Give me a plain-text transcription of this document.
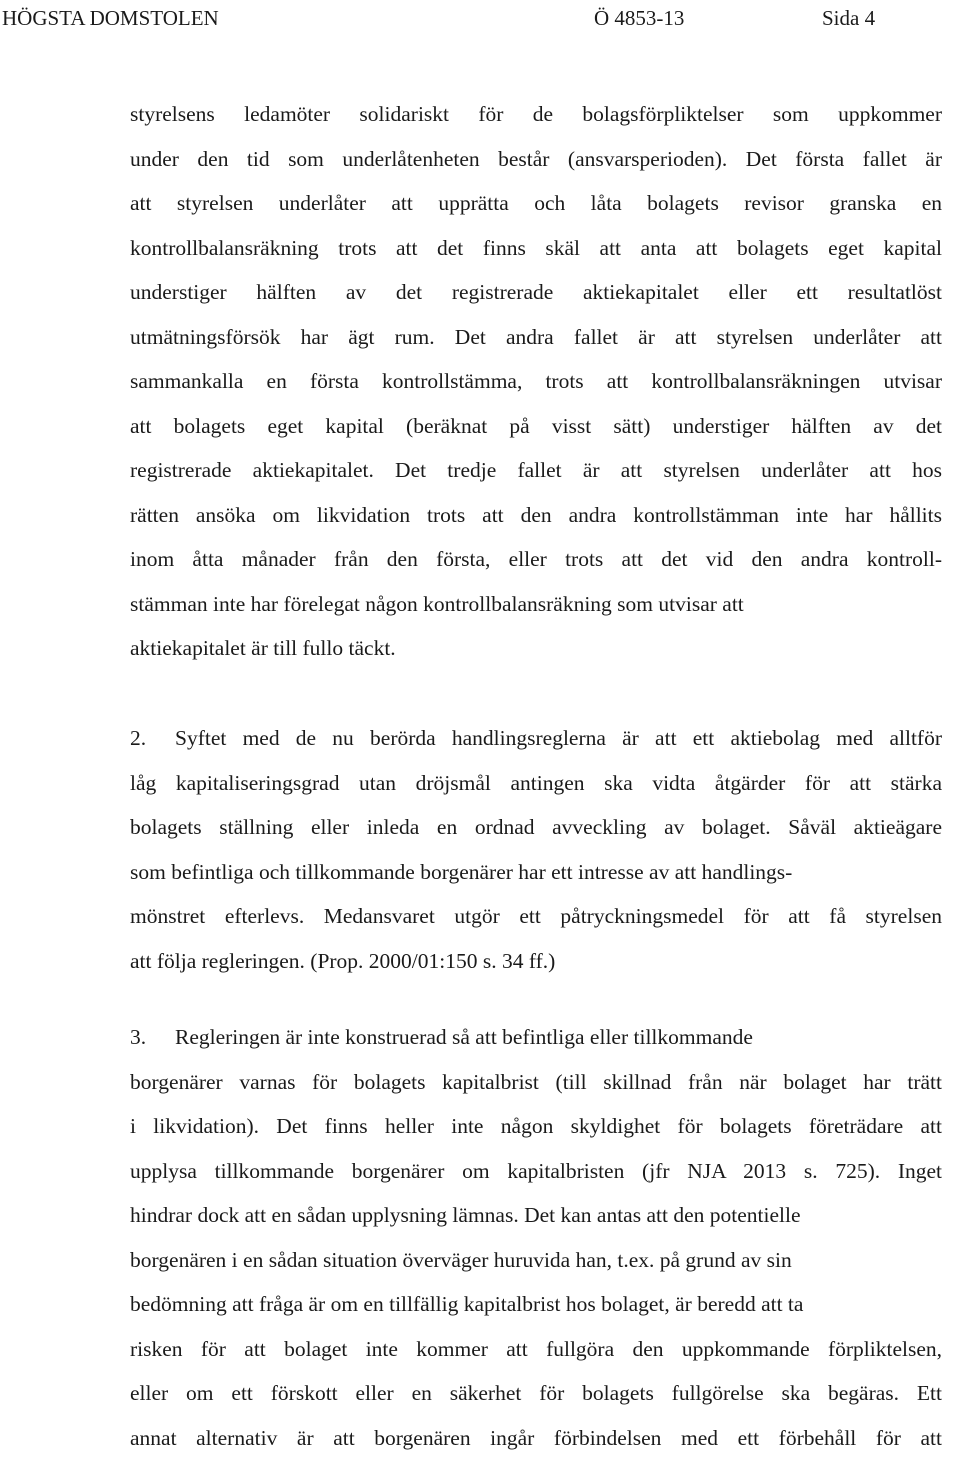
HÖGSTA DOMSTOLEN	Ö 4853-13	Sida 4
styrelsens ledamöter solidariskt för de bolagsförpliktelser som uppkommer
under den tid som underlåtenheten består (ansvarsperioden). Det första fallet är
att styrelsen underlåter att upprätta och låta bolagets revisor granska en
kontrollbalansräkning trots att det finns skäl att anta att bolagets eget kapital
understiger hälften av det registrerade aktiekapitalet eller ett resultatlöst
utmätningsförsök har ägt rum. Det andra fallet är att styrelsen underlåter att
sammankalla en första kontrollstämma, trots att kontrollbalansräkningen utvisar
att bolagets eget kapital (beräknat på visst sätt) understiger hälften av det
registrerade aktiekapitalet. Det tredje fallet är att styrelsen underlåter att hos
rätten ansöka om likvidation trots att den andra kontrollstämman inte har hållits
inom åtta månader från den första, eller trots att det vid den andra kontroll-
stämman inte har förelegat någon kontrollbalansräkning som utvisar att
aktiekapitalet är till fullo täckt.
2. Syftet med de nu berörda handlingsreglerna är att ett aktiebolag med alltför
låg kapitaliseringsgrad utan dröjsmål antingen ska vidta åtgärder för att stärka
bolagets ställning eller inleda en ordnad avveckling av bolaget. Såväl aktieägare
som befintliga och tillkommande borgenärer har ett intresse av att handlings-
mönstret efterlevs. Medansvaret utgör ett påtryckningsmedel för att få styrelsen
att följa regleringen. (Prop. 2000/01:150 s. 34 ff.)
3. Regleringen är inte konstruerad så att befintliga eller tillkommande
borgenärer varnas för bolagets kapitalbrist (till skillnad från när bolaget har trätt
i likvidation). Det finns heller inte någon skyldighet för bolagets företrädare att
upplysa tillkommande borgenärer om kapitalbristen (jfr NJA 2013 s. 725). Inget
hindrar dock att en sådan upplysning lämnas. Det kan antas att den potentielle
borgenären i en sådan situation överväger huruvida han, t.ex. på grund av sin
bedömning att fråga är om en tillfällig kapitalbrist hos bolaget, är beredd att ta
risken för att bolaget inte kommer att fullgöra den uppkommande förpliktelsen,
eller om ett förskott eller en säkerhet för bolagets fullgörelse ska begäras. Ett
annat alternativ är att borgenären ingår förbindelsen med ett förbehåll för att
